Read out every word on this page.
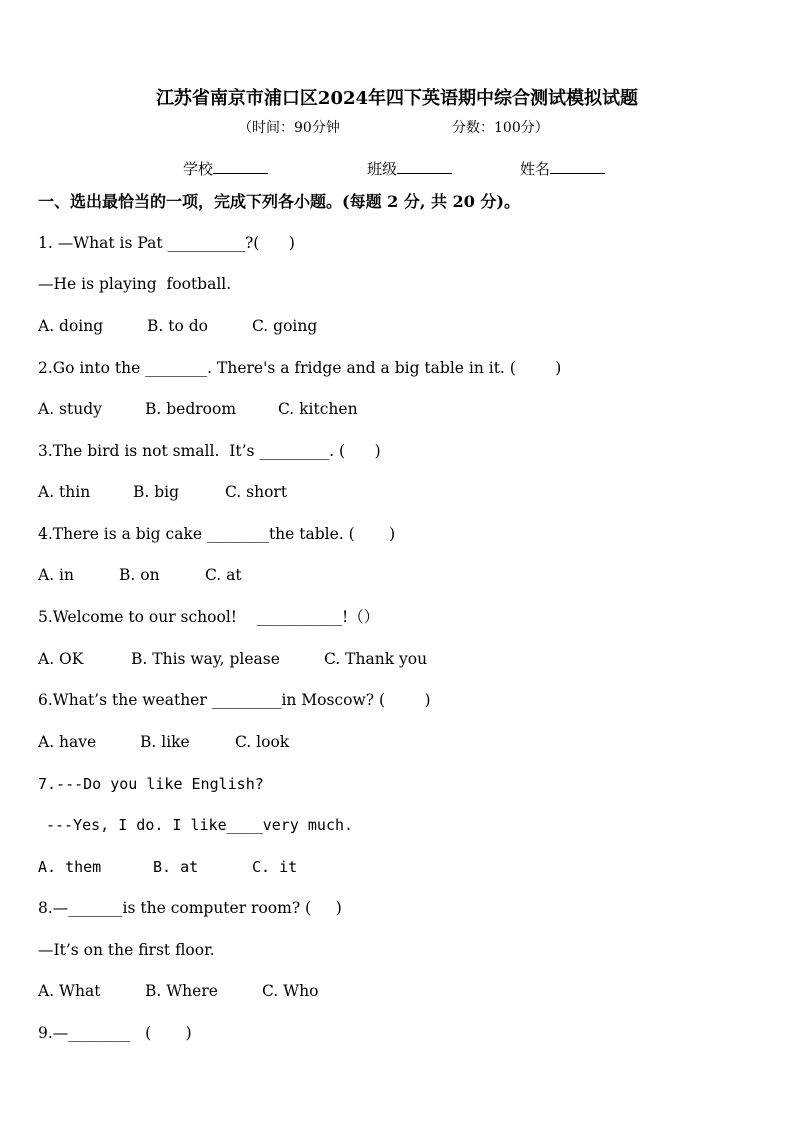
江苏省南京市浦口区2024年四下英语期中综合测试模拟试题
（时间：90分钟	分数：100分）
学校	班级	姓名
一、选出最恰当的一项，完成下列各小题。(每题 2 分, 共 20 分)。
1. —What is Pat __________?(      )
—He is playing  football.
A. doing	B. to do	C. going
2.Go into the ________. There's a fridge and a big table in it. (        )
A. study	B. bedroom	C. kitchen
3.The bird is not small.  It’s _________. (      )
A. thin	B. big	C. short
4.There is a big cake ________the table. (       )
A. in	B. on	C. at
5.Welcome to our school!    ___________!（）
A. OK	B. This way, please	C. Thank you
6.What’s the weather _________in Moscow? (        )
A. have	B. like	C. look
7.---Do you like English?
---Yes, I do. I like____very much.
A. them	B. at	C. it
8.—_______is the computer room? (     )
—It’s on the first floor.
A. What	B. Where	C. Who
9.—________   (       )
